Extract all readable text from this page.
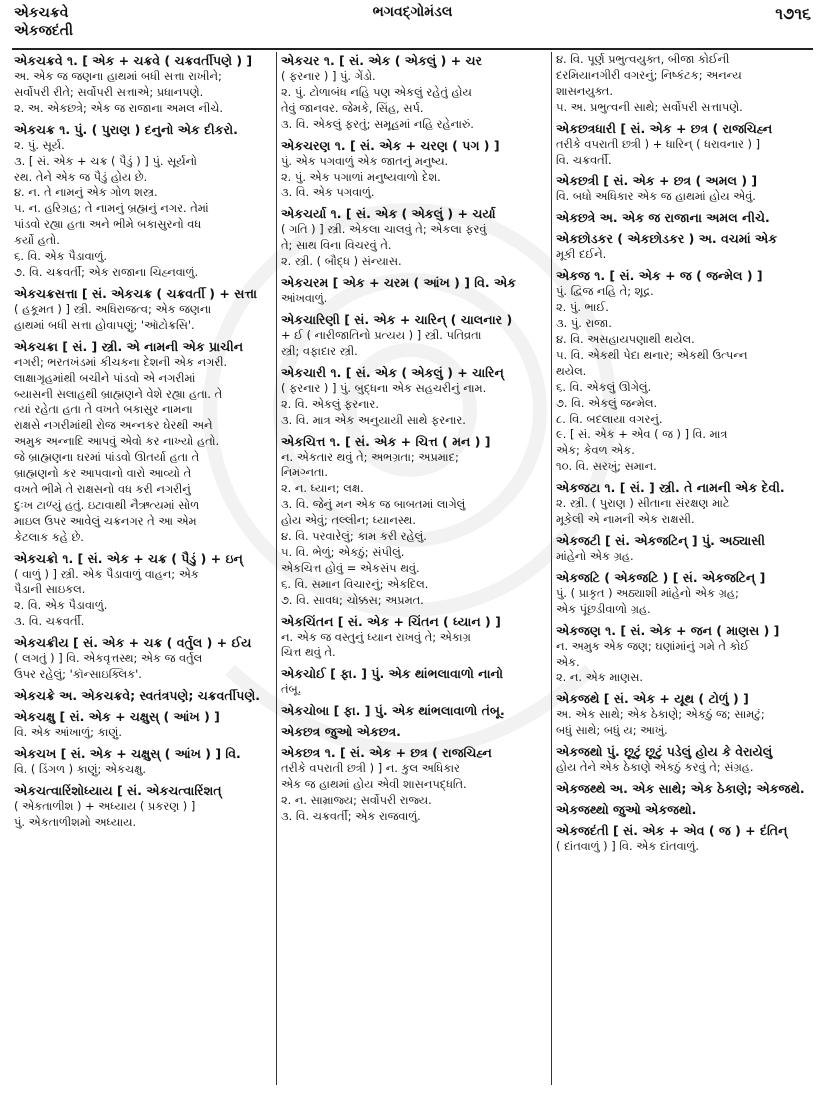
એકચક્રવે
એકજદંતી
ભગવદ્ગોમંડલ	૧૭૧૬
એકચક્રવે ૧. [ એક + ચક્રવે ( ચક્રવર્તીપણે ) ]
અ. એક જ જણના હાથમાં બધી સત્તા રાખીને;
સર્વોપરી રીતે; સર્વોપરી સત્તાએ; પ્રધાનપણે.
૨. અ. એકછત્રે; એક જ રાજાના અમલ નીચે.
એકચક્ર ૧. પું. ( પુરાણ ) દનુનો એક દીકરો.
૨. પું. સૂર્ય.
૩. [ સં. એક + ચક્ર ( પૈડું ) ] પું. સૂર્યનો
રથ. તેને એક જ પૈડું હોય છે.
૪. ન. તે નામનું એક ગોળ શસ્ત્ર.
૫. ન. હરિગ્રહ; તે નામનું બ્રહ્મનું નગર. તેમાં
પાંડવો રહ્યા હતા અને ભીમે બકાસુરનો વધ
કર્યો હતો.
૬. વિ. એક પૈડાવાળું.
૭. વિ. ચક્રવર્તી; એક રાજાના ચિહ્નવાળું.
એકચક્રસત્તા [ સં. એકચક્ર ( ચક્રવર્તી ) + સત્તા
( હકૂમત ) ] સ્ત્રી. અધિરાજત્વ; એક જણના
હાથમાં બધી સત્તા હોવાપણું; 'ઑટોક્રસિ'.
એકચક્રા [ સં. ] સ્ત્રી. એ નામની એક પ્રાચીન
નગરી; ભરતખંડમાં કીચકના દેશની એક નગરી.
લાક્ષાગૃહમાંથી બચીને પાંડવો એ નગરીમાં
બ્યાસની સલાહથી બ્રાહ્મણને વેશે રહ્યા હતા. તે
ત્યાં રહેતા હતા તે વખતે બકાસુર નામના
રાક્ષસે નગરીમાંથી રોજ અન્નકર ઘેરથી અને
અમુક અન્નાદિ આપવું એવો કર નાખ્યો હતો.
જે બ્રાહ્મણના ઘરમાં પાંડવો ઊતર્યા હતા તે
બ્રાહ્મણનો કર આપવાનો વારો આવ્યો તે
વખતે ભીમે તે રાક્ષસનો વધ કરી નગરીનું
દુઃખ ટાળ્યું હતું. ઇટાવાથી નૈઋત્યમાં સોળ
માઇલ ઉપર આવેલું ચક્રનગર તે આ એમ
કેટલાક કહે છે.
એકચક્રો ૧. [ સં. એક + ચક્ર ( પૈડું ) + ઇન્
( વાળું ) ] સ્ત્રી. એક પૈડાવાળું વાહન; એક
પૈડાની સાઇકલ.
૨. વિ. એક પૈડાવાળું.
૩. વિ. ચક્રવર્તી.
એકચક્રીય [ સં. એક + ચક્ર ( વર્તુલ ) + ઈય
( લગતું ) ] વિ. એકવૃત્તસ્થ; એક જ વર્તુલ
ઉપર રહેલું; 'કૉન્સાઇક્લિક'.
એકચક્રે અ. એકચક્રવે; સ્વતંત્રપણે; ચક્રવર્તીપણે.
એકચક્ષુ [ સં. એક + ચક્ષુસ્ ( આંખ ) ]
વિ. એક આંખાળું; કાણું.
એકચખ [ સં. એક + ચક્ષુસ્ ( આંખ ) ] વિ.
વિ. ( ડિંગળ ) કાણું; એકચક્ષુ.
એકચત્વારિંશોધ્યાય [ સં. એકચત્વારિંશત્
( એકતાળીશ ) + અધ્યાય ( પ્રકરણ ) ]
પું. એકતાળીશમો અધ્યાય.
એકચર ૧. [ સં. એક ( એકલું ) + ચર
( ફરનાર ) ] પું. ગેંડો.
૨. પું. ટોળાબંધ નહિ પણ એકલું રહેતું હોય
તેવું જાનવર. જેમકે, સિંહ, સર્પ.
૩. વિ. એકલું ફરતું; સમૂહમાં નહિ રહેનારું.
એકચરણ ૧. [ સં. એક + ચરણ ( પગ ) ]
પું. એક પગવાળું એક જાતનું મનુષ્ય.
૨. પું. એક પગાળાં મનુષ્યવાળો દેશ.
૩. વિ. એક પગવાળું.
એકચર્યા ૧. [ સં. એક ( એકલું ) + ચર્યા
( ગતિ ) ] સ્ત્રી. એકલા ચાલવું તે; એકલા ફરવું
તે; સાથ વિના વિચરવું તે.
૨. સ્ત્રી. ( બૌદ્ધ ) સંન્યાસ.
એકચરમ [ એક + ચરમ ( આંખ ) ] વિ. એક
આંખવાળું.
એકચારિણી [ સં. એક + ચારિન્ ( ચાલનાર )
+ ઈ ( નારીજાતિનો પ્રત્યય ) ] સ્ત્રી. પતિવ્રતા
સ્ત્રી; વફાદાર સ્ત્રી.
એકચારી ૧. [ સં. એક ( એકલું ) + ચારિન્
( ફરનાર ) ] પું. બુદ્ધના એક સહચરીનું નામ.
૨. વિ. એકલું ફરનાર.
૩. વિ. માત્ર એક અનુયાયી સાથે ફરનાર.
એકચિત્ત ૧. [ સં. એક + ચિત્ત ( મન ) ]
ન. એકતાર થવું તે; અભગ્રતા; અપ્રમાદ;
નિમગ્નતા.
૨. ન. ધ્યાન; લક્ષ.
૩. વિ. જેનું મન એક જ બાબતમાં લાગેલું
હોય એવું; તલ્લીન; ધ્યાનસ્થ.
૪. વિ. પરવારેલું; કામ કરી રહેલું.
૫. વિ. ભેળું; એકઠું; સંપીલું.
એકચિત્ત હોવું = એકસંપ થવું.
૬. વિ. સમાન વિચારનું; એકદિલ.
૭. વિ. સાવધ; ચોક્કસ; અપ્રમત.
એકચિંતન [ સં. એક + ચિંતન ( ધ્યાન ) ]
ન. એક જ વસ્તુનું ધ્યાન રાખવું તે; એકાગ્ર
ચિત્ત થવું તે.
એકચોઈ [ ફા. ] પું. એક થાંભલાવાળો નાનો
તંબૂ.
એકચોબા [ ફા. ] પું. એક થાંભલાવાળો તંબૂ.
એકછત્ર જુઓ એકછત્ર.
એકછત્ર ૧. [ સં. એક + છત્ર ( રાજચિહ્ન
તરીકે વપરાતી છત્રી ) ] ન. કુલ અધિકાર
એક જ હાથમાં હોય એવી શાસનપદ્ધતિ.
૨. ન. સામ્રાજ્ય; સર્વોપરી રાજ્ય.
૩. વિ. ચક્રવર્તી; એક રાજવાળું.
૪. વિ. પૂર્ણ પ્રભુત્વયુક્ત, બીજા કોઈની
દરમિયાનગીરી વગરનું; નિષ્કંટક; અનન્ય
શાસનયુક્ત.
૫. અ. પ્રભુત્વની સાથે; સર્વોપરી સત્તાપણે.
એકછત્રધારી [ સં. એક + છત્ર ( રાજચિહ્ન
તરીકે વપરાતી છત્રી ) + ધારિન્ ( ધરાવનાર ) ]
વિ. ચક્રવર્તી.
એકછત્રી [ સં. એક + છત્ર ( અમલ ) ]
વિ. બધો અધિકાર એક જ હાથમાં હોય એવું.
એકછત્રે અ. એક જ રાજાના અમલ નીચે.
એકછોડકર ( એકછોડકર ) અ. વચમાં એક
મૂકી દઈને.
એકજ ૧. [ સં. એક + જ ( જન્મેલ ) ]
પું. દ્વિજ નહિ તે; શૂદ્ર.
૨. પું. ભાઈ.
૩. પું. રાજા.
૪. વિ. અસહાયપણાથી થયેલ.
૫. વિ. એકથી પેદા થનાર; એકથી ઉત્પન્ન
થયેલ.
૬. વિ. એકલું ઊગેલું.
૭. વિ. એકલું જન્મેલ.
૮. વિ. બદલાયા વગરનું.
૯. [ સં. એક + એવ ( જ ) ] વિ. માત્ર
એક; કેવળ એક.
૧૦. વિ. સરખું; સમાન.
એકજટા ૧. [ સં. ] સ્ત્રી. તે નામની એક દેવી.
૨. સ્ત્રી. ( પુરાણ ) સીતાના સંરક્ષણ માટે
મૂકેલી એ નામની એક રાક્ષસી.
એકજટી [ સં. એકજટિન્ ] પું. અઠ્યાસી
માંહેનો એક ગ્રહ.
એકજટિ ( એકજટિ ) [ સં. એકજટિન્ ]
પું. ( પ્રાકૃત ) અઠ્યાશી માંહેનો એક ગ્રહ;
એક પૂંછડીવાળો ગ્રહ.
એકજણ ૧. [ સં. એક + જન ( માણસ ) ]
ન. અમુક એક જણ; ઘણાંમાંનું ગમે તે કોઈ
એક.
૨. ન. એક માણસ.
એકજથે [ સં. એક + યૂથ ( ટોળું ) ]
અ. એક સાથે; એક ઠેકાણે; એકઠું જ; સામટું;
બધું સાથે; બધું ય; આખું.
એકજથો પું. છૂટું છૂટું પડેલું હોય કે વેરાયેલું
હોય તેને એક ઠેકાણે એકઠું કરવું તે; સંગ્રહ.
એકજથ્થે અ. એક સાથે; એક ઠેકાણે; એકજથે.
એકજથ્થો જુઓ એકજથો.
એકજદંતી [ સં. એક + એવ ( જ ) + દંતિન્
( દાંતવાળું ) ] વિ. એક દાંતવાળું.
